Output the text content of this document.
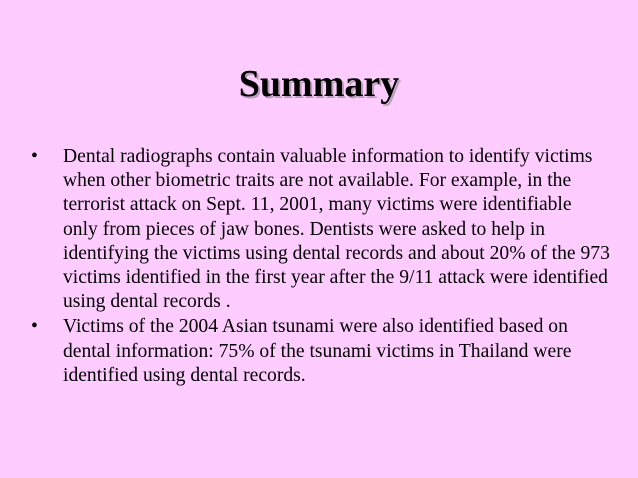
Summary
•	Dental radiographs contain valuable information to identify victims when other biometric traits are not available. For example, in the terrorist attack on Sept. 11, 2001, many victims were identifiable only from pieces of jaw bones. Dentists were asked to help in identifying the victims using dental records and about 20% of the 973 victims identified in the first year after the 9/11 attack were identified using dental records .
•	Victims of the 2004 Asian tsunami were also identified based on dental information: 75% of the tsunami victims in Thailand were identified using dental records.
